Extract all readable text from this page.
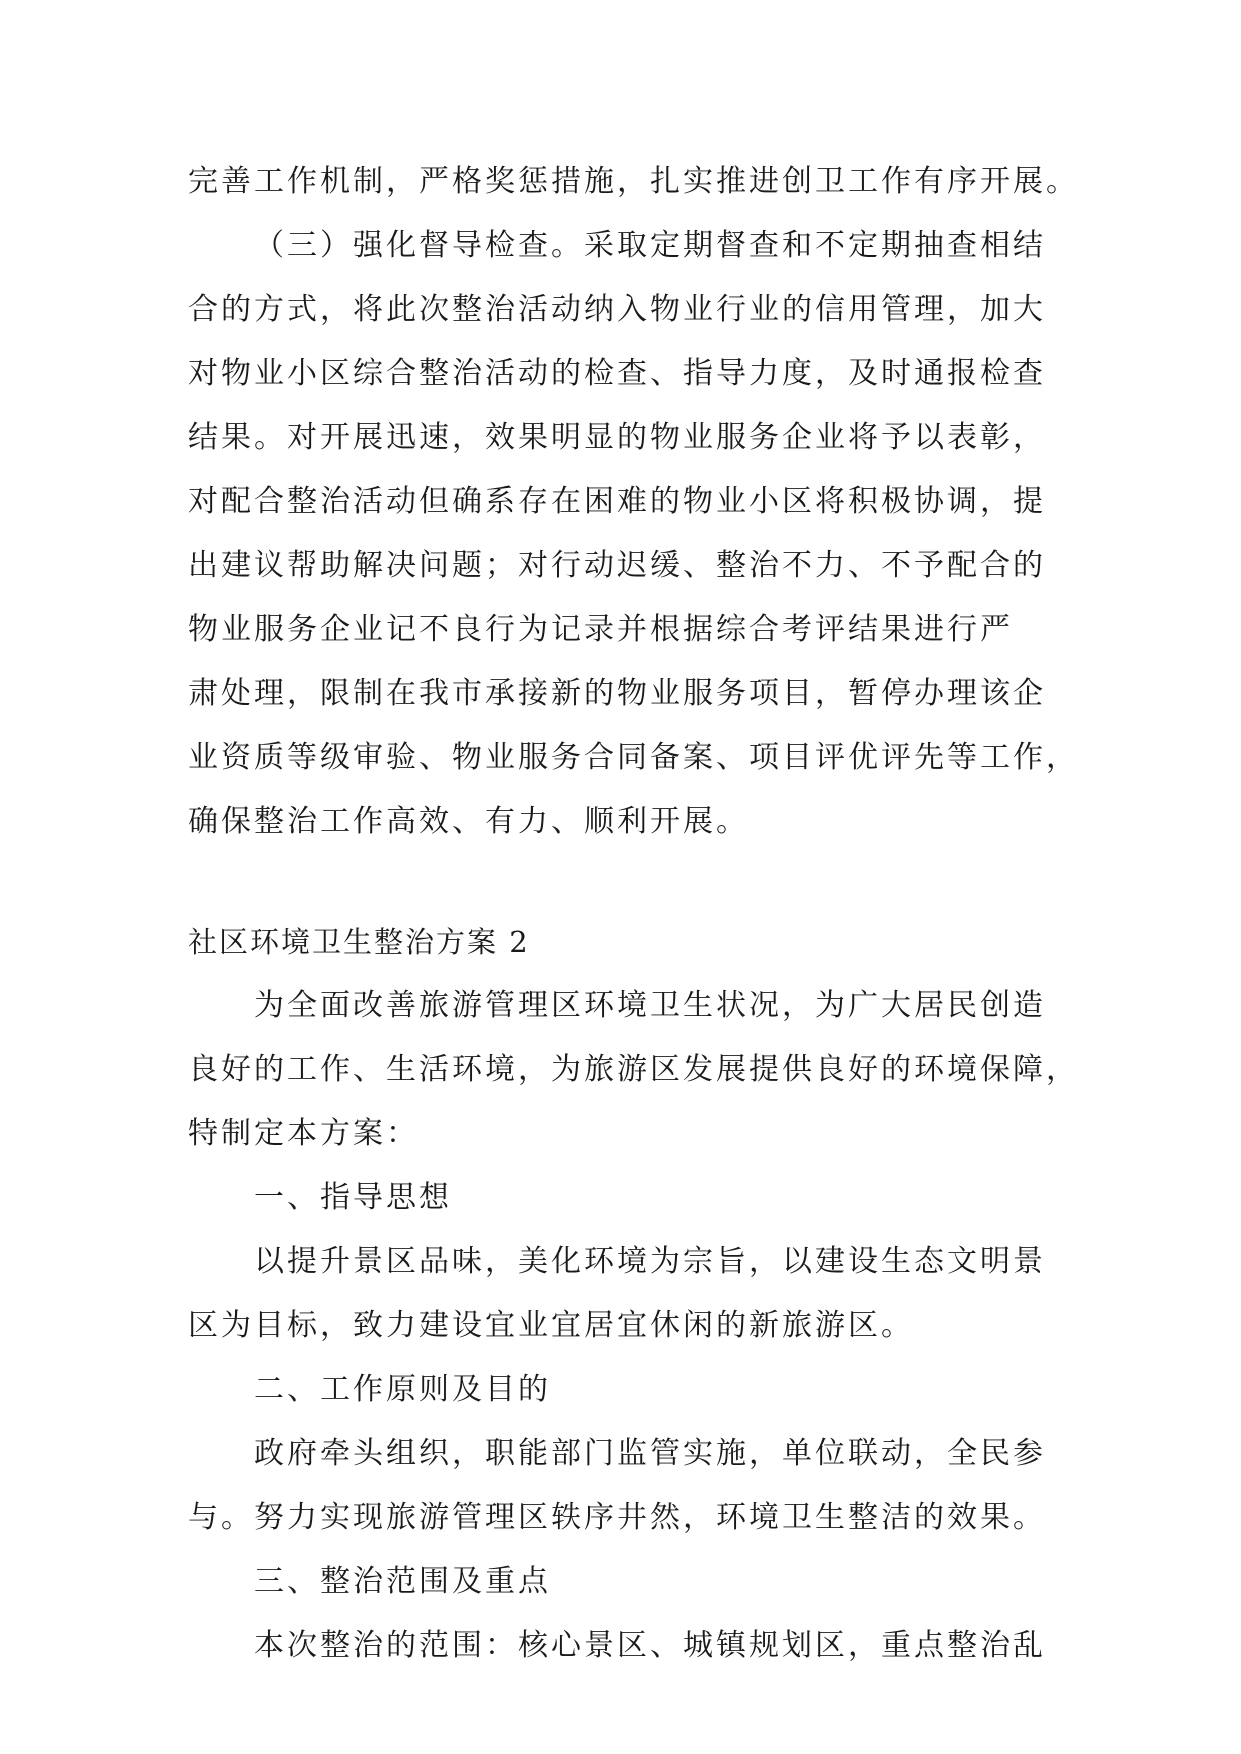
完善工作机制，严格奖惩措施，扎实推进创卫工作有序开展。
（三）强化督导检查。采取定期督查和不定期抽查相结
合的方式，将此次整治活动纳入物业行业的信用管理，加大
对物业小区综合整治活动的检查、指导力度，及时通报检查
结果。对开展迅速，效果明显的物业服务企业将予以表彰，
对配合整治活动但确系存在困难的物业小区将积极协调，提
出建议帮助解决问题；对行动迟缓、整治不力、不予配合的
物业服务企业记不良行为记录并根据综合考评结果进行严
肃处理，限制在我市承接新的物业服务项目，暂停办理该企
业资质等级审验、物业服务合同备案、项目评优评先等工作，
确保整治工作高效、有力、顺利开展。
社区环境卫生整治方案 2
为全面改善旅游管理区环境卫生状况，为广大居民创造
良好的工作、生活环境，为旅游区发展提供良好的环境保障，
特制定本方案：
一、指导思想
以提升景区品味，美化环境为宗旨，以建设生态文明景
区为目标，致力建设宜业宜居宜休闲的新旅游区。
二、工作原则及目的
政府牵头组织，职能部门监管实施，单位联动，全民参
与。努力实现旅游管理区轶序井然，环境卫生整洁的效果。
三、整治范围及重点
本次整治的范围：核心景区、城镇规划区，重点整治乱
